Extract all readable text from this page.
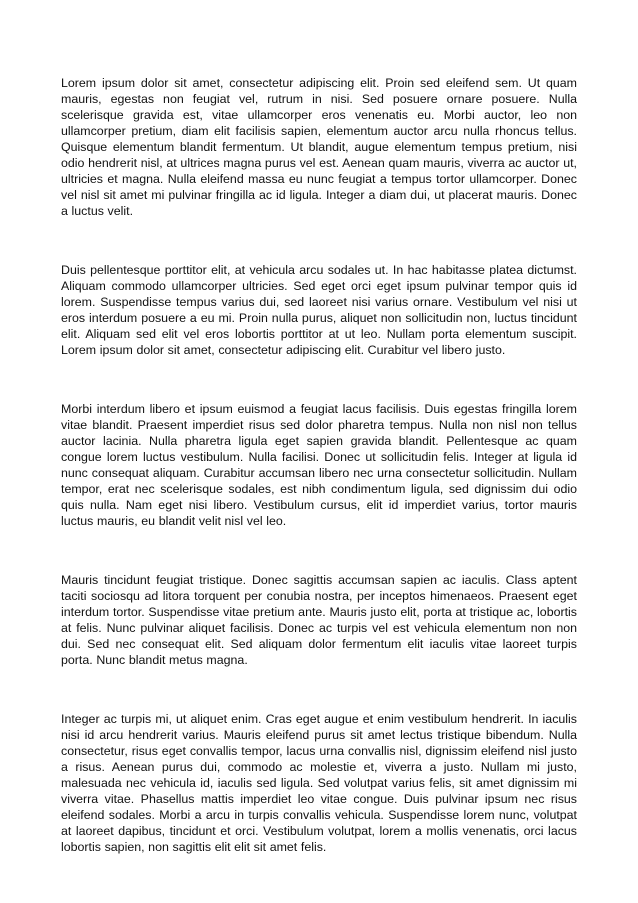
Lorem ipsum dolor sit amet, consectetur adipiscing elit. Proin sed eleifend sem. Ut quam mauris, egestas non feugiat vel, rutrum in nisi. Sed posuere ornare posuere. Nulla scelerisque gravida est, vitae ullamcorper eros venenatis eu. Morbi auctor, leo non ullamcorper pretium, diam elit facilisis sapien, elementum auctor arcu nulla rhoncus tellus. Quisque elementum blandit fermentum. Ut blandit, augue elementum tempus pretium, nisi odio hendrerit nisl, at ultrices magna purus vel est. Aenean quam mauris, viverra ac auctor ut, ultricies et magna. Nulla eleifend massa eu nunc feugiat a tempus tortor ullamcorper. Donec vel nisl sit amet mi pulvinar fringilla ac id ligula. Integer a diam dui, ut placerat mauris. Donec a luctus velit.

Duis pellentesque porttitor elit, at vehicula arcu sodales ut. In hac habitasse platea dictumst. Aliquam commodo ullamcorper ultricies. Sed eget orci eget ipsum pulvinar tempor quis id lorem. Suspendisse tempus varius dui, sed laoreet nisi varius ornare. Vestibulum vel nisi ut eros interdum posuere a eu mi. Proin nulla purus, aliquet non sollicitudin non, luctus tincidunt elit. Aliquam sed elit vel eros lobortis porttitor at ut leo. Nullam porta elementum suscipit. Lorem ipsum dolor sit amet, consectetur adipiscing elit. Curabitur vel libero justo.

Morbi interdum libero et ipsum euismod a feugiat lacus facilisis. Duis egestas fringilla lorem vitae blandit. Praesent imperdiet risus sed dolor pharetra tempus. Nulla non nisl non tellus auctor lacinia. Nulla pharetra ligula eget sapien gravida blandit. Pellentesque ac quam congue lorem luctus vestibulum. Nulla facilisi. Donec ut sollicitudin felis. Integer at ligula id nunc consequat aliquam. Curabitur accumsan libero nec urna consectetur sollicitudin. Nullam tempor, erat nec scelerisque sodales, est nibh condimentum ligula, sed dignissim dui odio quis nulla. Nam eget nisi libero. Vestibulum cursus, elit id imperdiet varius, tortor mauris luctus mauris, eu blandit velit nisl vel leo.

Mauris tincidunt feugiat tristique. Donec sagittis accumsan sapien ac iaculis. Class aptent taciti sociosqu ad litora torquent per conubia nostra, per inceptos himenaeos. Praesent eget interdum tortor. Suspendisse vitae pretium ante. Mauris justo elit, porta at tristique ac, lobortis at felis. Nunc pulvinar aliquet facilisis. Donec ac turpis vel est vehicula elementum non non dui. Sed nec consequat elit. Sed aliquam dolor fermentum elit iaculis vitae laoreet turpis porta. Nunc blandit metus magna.

Integer ac turpis mi, ut aliquet enim. Cras eget augue et enim vestibulum hendrerit. In iaculis nisi id arcu hendrerit varius. Mauris eleifend purus sit amet lectus tristique bibendum. Nulla consectetur, risus eget convallis tempor, lacus urna convallis nisl, dignissim eleifend nisl justo a risus. Aenean purus dui, commodo ac molestie et, viverra a justo. Nullam mi justo, malesuada nec vehicula id, iaculis sed ligula. Sed volutpat varius felis, sit amet dignissim mi viverra vitae. Phasellus mattis imperdiet leo vitae congue. Duis pulvinar ipsum nec risus eleifend sodales. Morbi a arcu in turpis convallis vehicula. Suspendisse lorem nunc, volutpat at laoreet dapibus, tincidunt et orci. Vestibulum volutpat, lorem a mollis venenatis, orci lacus lobortis sapien, non sagittis elit elit sit amet felis.
